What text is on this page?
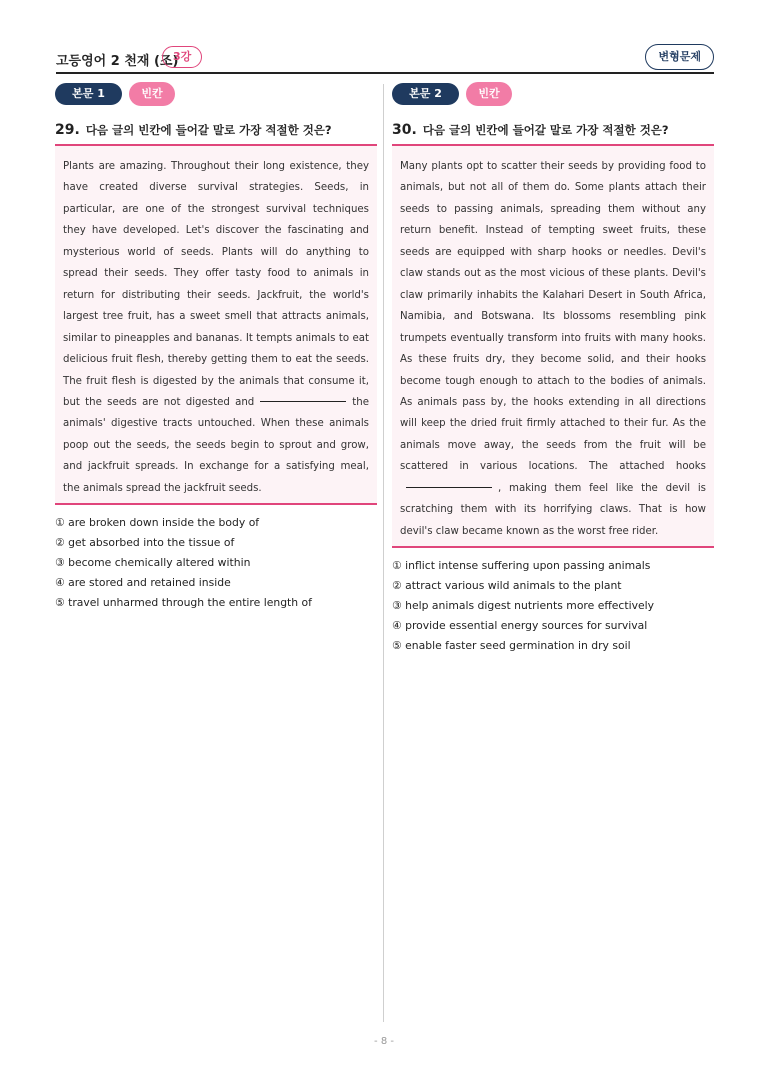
고등영어 2 천재 (조)
3강	변형문제
본문 1	빈칸
29. 다음 글의 빈칸에 들어갈 말로 가장 적절한 것은?
Plants are amazing. Throughout their long existence, they have created diverse survival strategies. Seeds, in particular, are one of the strongest survival techniques they have developed. Let's discover the fascinating and mysterious world of seeds. Plants will do anything to spread their seeds. They offer tasty food to animals in return for distributing their seeds. Jackfruit, the world's largest tree fruit, has a sweet smell that attracts animals, similar to pineapples and bananas. It tempts animals to eat delicious fruit flesh, thereby getting them to eat the seeds. The fruit flesh is digested by the animals that consume it, but the seeds are not digested and	the animals' digestive tracts untouched. When these animals poop out the seeds, the seeds begin to sprout and grow, and jackfruit spreads. In exchange for a satisfying meal, the animals spread the jackfruit seeds.
① are broken down inside the body of
② get absorbed into the tissue of
③ become chemically altered within
④ are stored and retained inside
⑤ travel unharmed through the entire length of
본문 2	빈칸
30. 다음 글의 빈칸에 들어갈 말로 가장 적절한 것은?
Many plants opt to scatter their seeds by providing food to animals, but not all of them do. Some plants attach their seeds to passing animals, spreading them without any return benefit. Instead of tempting sweet fruits, these seeds are equipped with sharp hooks or needles. Devil's claw stands out as the most vicious of these plants. Devil's claw primarily inhabits the Kalahari Desert in South Africa, Namibia, and Botswana. Its blossoms resembling pink trumpets eventually transform into fruits with many hooks. As these fruits dry, they become solid, and their hooks become tough enough to attach to the bodies of animals. As animals pass by, the hooks extending in all directions will keep the dried fruit firmly attached to their fur. As the animals move away, the seeds from the fruit will be scattered in various locations. The attached hooks, making them feel like the devil is scratching them with its horrifying claws. That is how devil's claw became known as the worst free rider.
① inflict intense suffering upon passing animals
② attract various wild animals to the plant
③ help animals digest nutrients more effectively
④ provide essential energy sources for survival
⑤ enable faster seed germination in dry soil
- 8 -
